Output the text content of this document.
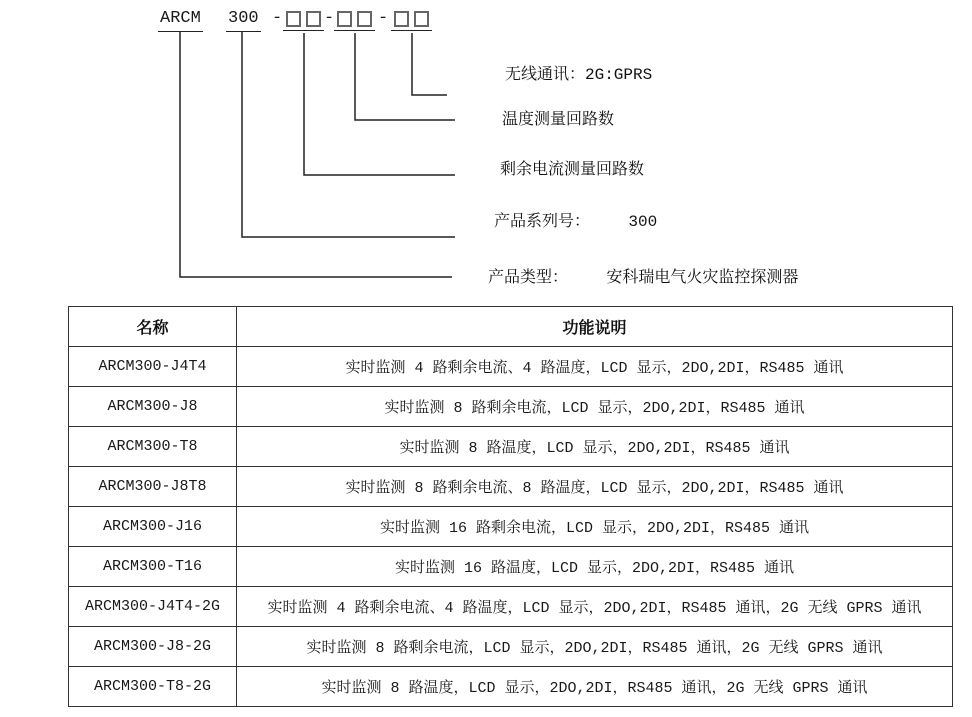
ARCM 300 - -	-
无线通讯：2G:GPRS
温度测量回路数
剩余电流测量回路数
产品系列号：    300
产品类型：    安科瑞电气火灾监控探测器
名称	功能说明
ARCM300-J4T4	实时监测 4 路剩余电流、4 路温度，LCD 显示，2DO,2DI，RS485 通讯
ARCM300-J8	实时监测 8 路剩余电流，LCD 显示，2DO,2DI，RS485 通讯
ARCM300-T8	实时监测 8 路温度，LCD 显示，2DO,2DI，RS485 通讯
ARCM300-J8T8	实时监测 8 路剩余电流、8 路温度，LCD 显示，2DO,2DI，RS485 通讯
ARCM300-J16	实时监测 16 路剩余电流，LCD 显示，2DO,2DI，RS485 通讯
ARCM300-T16	实时监测 16 路温度，LCD 显示，2DO,2DI，RS485 通讯
ARCM300-J4T4-2G	实时监测 4 路剩余电流、4 路温度，LCD 显示，2DO,2DI，RS485 通讯，2G 无线 GPRS 通讯
ARCM300-J8-2G	实时监测 8 路剩余电流，LCD 显示，2DO,2DI，RS485 通讯，2G 无线 GPRS 通讯
ARCM300-T8-2G	实时监测 8 路温度，LCD 显示，2DO,2DI，RS485 通讯，2G 无线 GPRS 通讯
